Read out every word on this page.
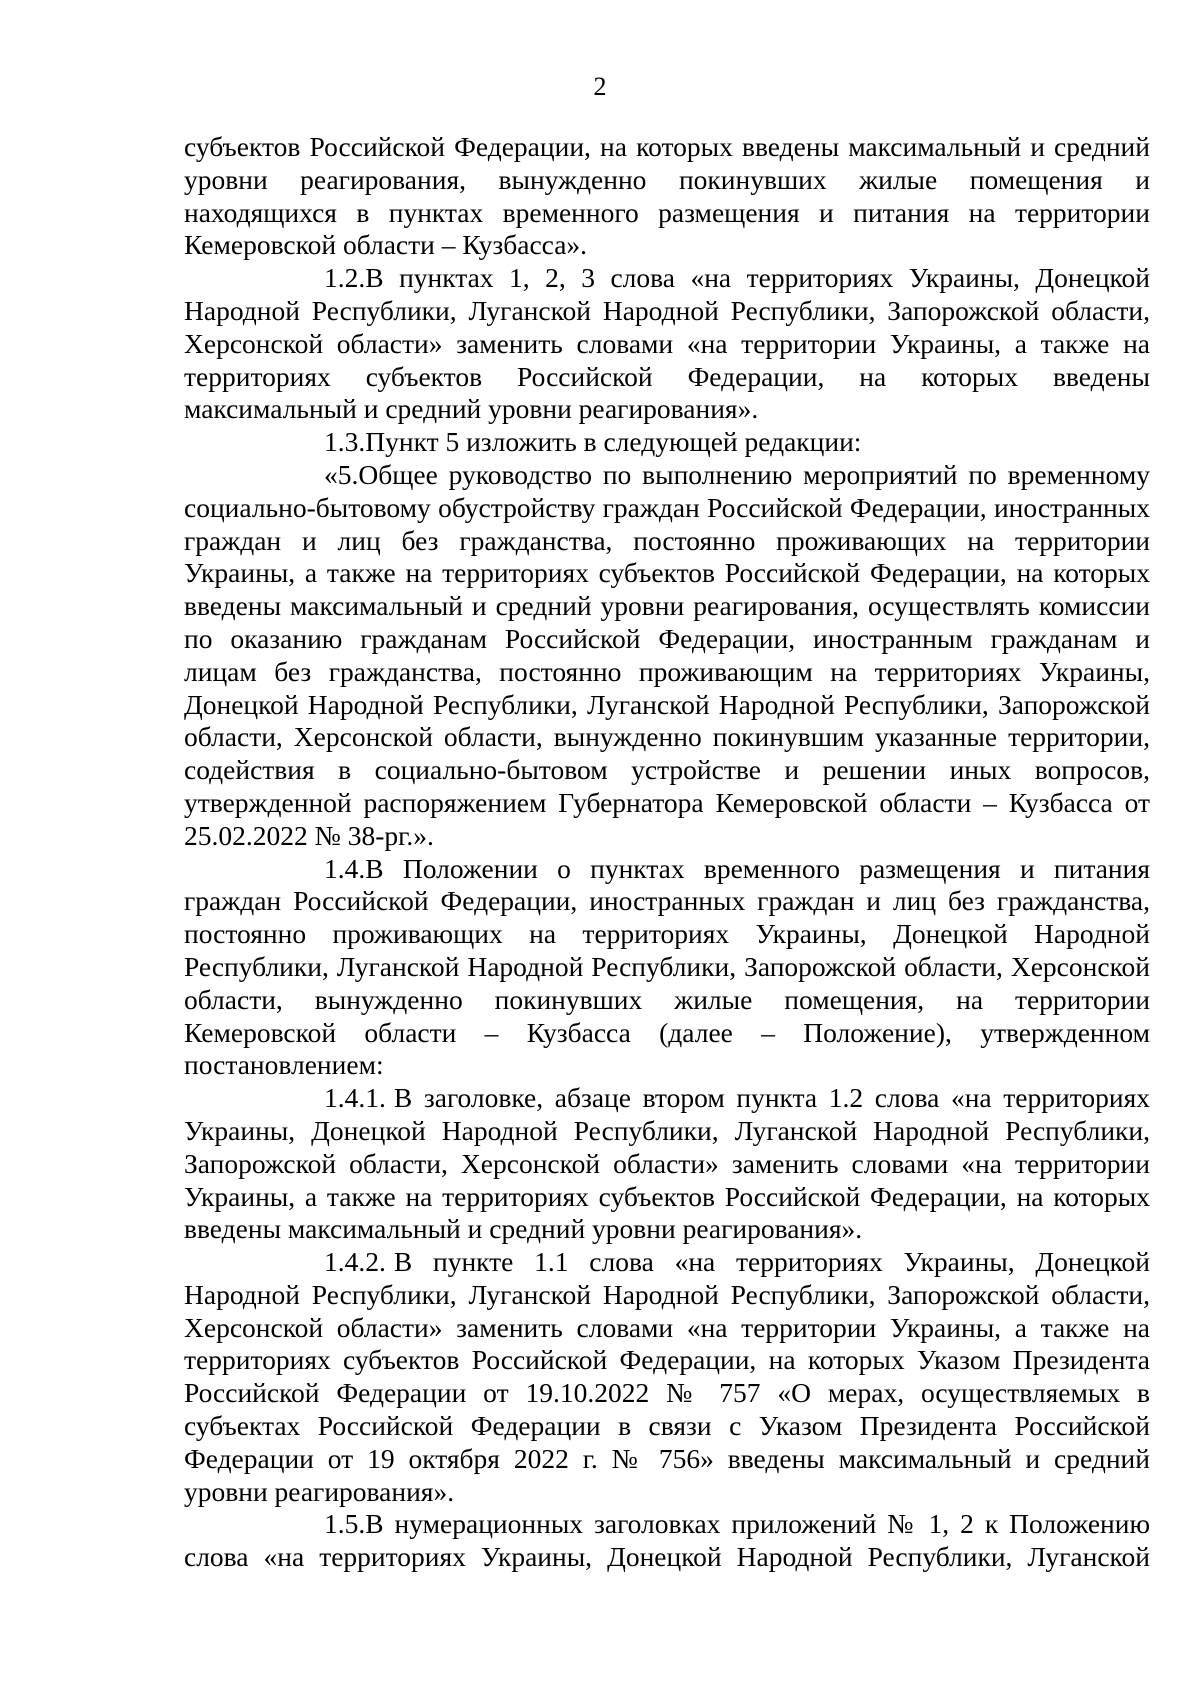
2

субъектов Российской Федерации, на которых введены максимальный и средний уровни реагирования, вынужденно покинувших жилые помещения и находящихся в пунктах временного размещения и питания на территории Кемеровской области – Кузбасса».

1.2.В пунктах 1, 2, 3 слова «на территориях Украины, Донецкой Народной Республики, Луганской Народной Республики, Запорожской области, Херсонской области» заменить словами «на территории Украины, а также на территориях субъектов Российской Федерации, на которых введены максимальный и средний уровни реагирования».

1.3.Пункт 5 изложить в следующей редакции:

«5.Общее руководство по выполнению мероприятий по временному социально-бытовому обустройству граждан Российской Федерации, иностранных граждан и лиц без гражданства, постоянно проживающих на территории Украины, а также на территориях субъектов Российской Федерации, на которых введены максимальный и средний уровни реагирования, осуществлять комиссии по оказанию гражданам Российской Федерации, иностранным гражданам и лицам без гражданства, постоянно проживающим на территориях Украины, Донецкой Народной Республики, Луганской Народной Республики, Запорожской области, Херсонской области, вынужденно покинувшим указанные территории, содействия в социально-бытовом устройстве и решении иных вопросов, утвержденной распоряжением Губернатора Кемеровской области – Кузбасса от 25.02.2022 № 38-рг.».

1.4.В Положении о пунктах временного размещения и питания граждан Российской Федерации, иностранных граждан и лиц без гражданства, постоянно проживающих на территориях Украины, Донецкой Народной Республики, Луганской Народной Республики, Запорожской области, Херсонской области, вынужденно покинувших жилые помещения, на территории Кемеровской области – Кузбасса (далее – Положение), утвержденном постановлением:

1.4.1. В заголовке, абзаце втором пункта 1.2 слова «на территориях Украины, Донецкой Народной Республики, Луганской Народной Республики, Запорожской области, Херсонской области» заменить словами «на территории Украины, а также на территориях субъектов Российской Федерации, на которых введены максимальный и средний уровни реагирования».

1.4.2. В пункте 1.1 слова «на территориях Украины, Донецкой Народной Республики, Луганской Народной Республики, Запорожской области, Херсонской области» заменить словами «на территории Украины, а также на территориях субъектов Российской Федерации, на которых Указом Президента Российской Федерации от 19.10.2022 № 757 «О мерах, осуществляемых в субъектах Российской Федерации в связи с Указом Президента Российской Федерации от 19 октября 2022 г. № 756» введены максимальный и средний уровни реагирования».

1.5.В нумерационных заголовках приложений № 1, 2 к Положению слова «на территориях Украины, Донецкой Народной Республики, Луганской
